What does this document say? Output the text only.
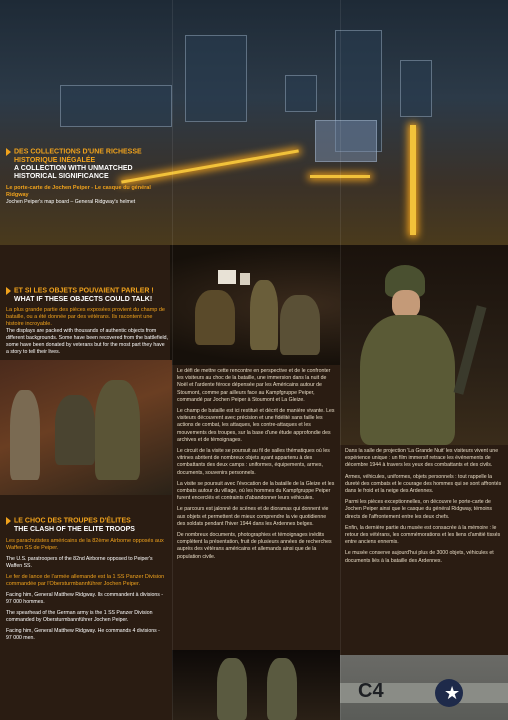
C4	★
DES COLLECTIONS D'UNE RICHESSE
HISTORIQUE INÉGALÉE
A COLLECTION WITH UNMATCHED
HISTORICAL SIGNIFICANCE
Le porte-carte de Jochen Peiper - Le casque du général Ridgway
Jochen Peiper's map board – General Ridgway's helmet
ET SI LES OBJETS POUVAIENT PARLER !
WHAT IF THESE OBJECTS COULD TALK!
La plus grande partie des pièces exposées provient du champ de bataille, ou a été donnée par des vétérans. Ils racontent une histoire incroyable.
The displays are packed with thousands of authentic objects from different backgrounds. Some have been recovered from the battlefield, some have been donated by veterans but for the most part they have a story to tell their lives.
LE CHOC DES TROUPES D'ÉLITES
THE CLASH OF THE ELITE TROOPS

Les parachutistes américains de la 82ème Airborne opposés aux Waffen SS de Peiper.

The U.S. paratroopers of the 82nd Airborne opposed to Peiper's Waffen SS.

Le fer de lance de l'armée allemande est la 1 SS Panzer Division commandée par l'Obersturmbannführer Jochen Peiper.

Facing him, General Matthew Ridgway. Ils commandent à divisions - 97 000 hommes.

The spearhead of the German army is the 1 SS Panzer Division commanded by Obersturmbannführer Jochen Peiper.

Facing him, General Matthew Ridgway. He commands 4 divisions - 97 000 men.

Le défi de mettre cette rencontre en perspective et de le confronter les visiteurs au choc de la bataille, une immersion dans la nuit de Noël et l'ardente féroce dépensée par les Américains autour de Stoumont, comme par ailleurs face au Kampfgruppe Peiper, commandé par Jochen Peiper à Stoumont et La Gleize.

Le champ de bataille est ici restitué et décrit de manière vivante. Les visiteurs découvrent avec précision et une fidélité sans faille les actions de combat, les attaques, les contre-attaques et les mouvements des troupes, sur la base d'une étude approfondie des archives et de témoignages.

Le circuit de la visite se poursuit au fil de salles thématiques où les vitrines abritent de nombreux objets ayant appartenu à des combattants des deux camps : uniformes, équipements, armes, documents, souvenirs personnels.

La visite se poursuit avec l'évocation de la bataille de la Gleize et les combats autour du village, où les hommes du Kampfgruppe Peiper furent encerclés et contraints d'abandonner leurs véhicules.

Le parcours est jalonné de scènes et de dioramas qui donnent vie aux objets et permettent de mieux comprendre la vie quotidienne des soldats pendant l'hiver 1944 dans les Ardennes belges.

De nombreux documents, photographies et témoignages inédits complètent la présentation, fruit de plusieurs années de recherches auprès des vétérans américains et allemands ainsi que de la population civile.

Dans la salle de projection 'La Grande Nuit' les visiteurs vivent une expérience unique : un film immersif retrace les événements de décembre 1944 à travers les yeux des combattants et des civils.

Armes, véhicules, uniformes, objets personnels : tout rappelle la dureté des combats et le courage des hommes qui se sont affrontés dans le froid et la neige des Ardennes.

Parmi les pièces exceptionnelles, on découvre le porte-carte de Jochen Peiper ainsi que le casque du général Ridgway, témoins directs de l'affrontement entre les deux chefs.

Enfin, la dernière partie du musée est consacrée à la mémoire : le retour des vétérans, les commémorations et les liens d'amitié tissés entre anciens ennemis.

Le musée conserve aujourd'hui plus de 3000 objets, véhicules et documents liés à la bataille des Ardennes.
